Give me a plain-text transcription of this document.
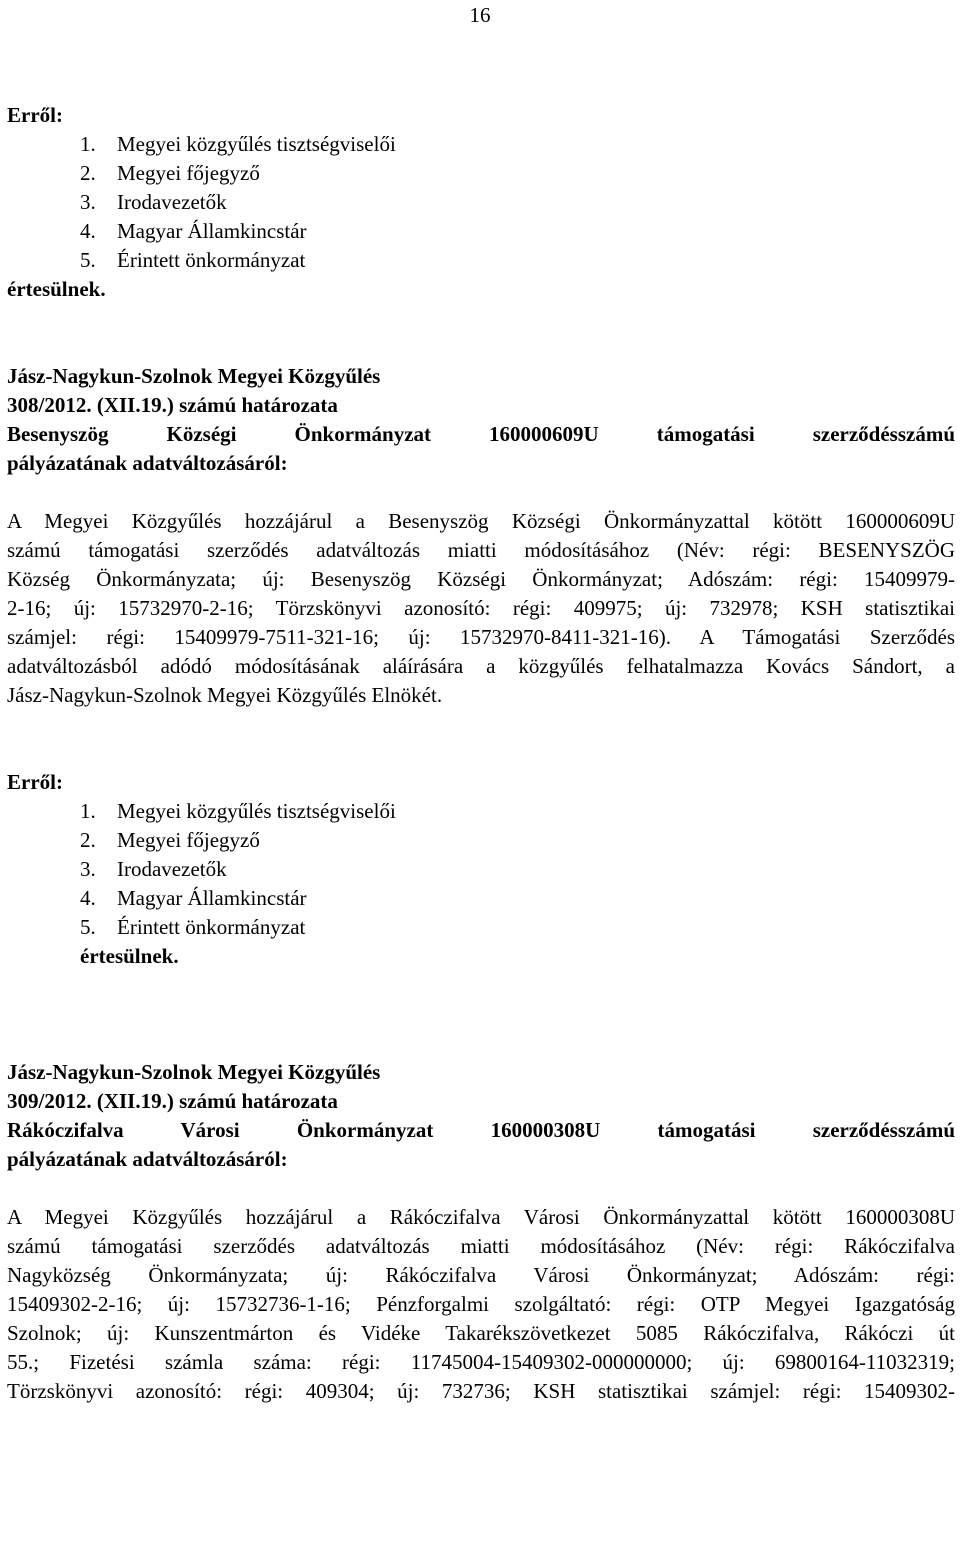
16
Erről:
1. Megyei közgyűlés tisztségviselői
2. Megyei főjegyző
3. Irodavezetők
4. Magyar Államkincstár
5. Érintett önkormányzat
értesülnek.
Jász-Nagykun-Szolnok Megyei Közgyűlés
308/2012. (XII.19.) számú határozata
Besenyszög Községi Önkormányzat 160000609U támogatási szerződésszámú
pályázatának adatváltozásáról:
A Megyei Közgyűlés hozzájárul a Besenyszög Községi Önkormányzattal kötött 160000609U
számú támogatási szerződés adatváltozás miatti módosításához (Név: régi: BESENYSZÖG
Község Önkormányzata; új: Besenyszög Községi Önkormányzat; Adószám: régi: 15409979-
2-16; új: 15732970-2-16; Törzskönyvi azonosító: régi: 409975; új: 732978; KSH statisztikai
számjel: régi: 15409979-7511-321-16; új: 15732970-8411-321-16). A Támogatási Szerződés
adatváltozásból adódó módosításának aláírására a közgyűlés felhatalmazza Kovács Sándort, a
Jász-Nagykun-Szolnok Megyei Közgyűlés Elnökét.
Erről:
1. Megyei közgyűlés tisztségviselői
2. Megyei főjegyző
3. Irodavezetők
4. Magyar Államkincstár
5. Érintett önkormányzat
értesülnek.
Jász-Nagykun-Szolnok Megyei Közgyűlés
309/2012. (XII.19.) számú határozata
Rákóczifalva Városi Önkormányzat 160000308U támogatási szerződésszámú
pályázatának adatváltozásáról:
A Megyei Közgyűlés hozzájárul a Rákóczifalva Városi Önkormányzattal kötött 160000308U
számú támogatási szerződés adatváltozás miatti módosításához (Név: régi: Rákóczifalva
Nagyközség Önkormányzata; új: Rákóczifalva Városi Önkormányzat; Adószám: régi:
15409302-2-16; új: 15732736-1-16; Pénzforgalmi szolgáltató: régi: OTP Megyei Igazgatóság
Szolnok; új: Kunszentmárton és Vidéke Takarékszövetkezet 5085 Rákóczifalva, Rákóczi út
55.; Fizetési számla száma: régi: 11745004-15409302-000000000; új: 69800164-11032319;
Törzskönyvi azonosító: régi: 409304; új: 732736; KSH statisztikai számjel: régi: 15409302-
